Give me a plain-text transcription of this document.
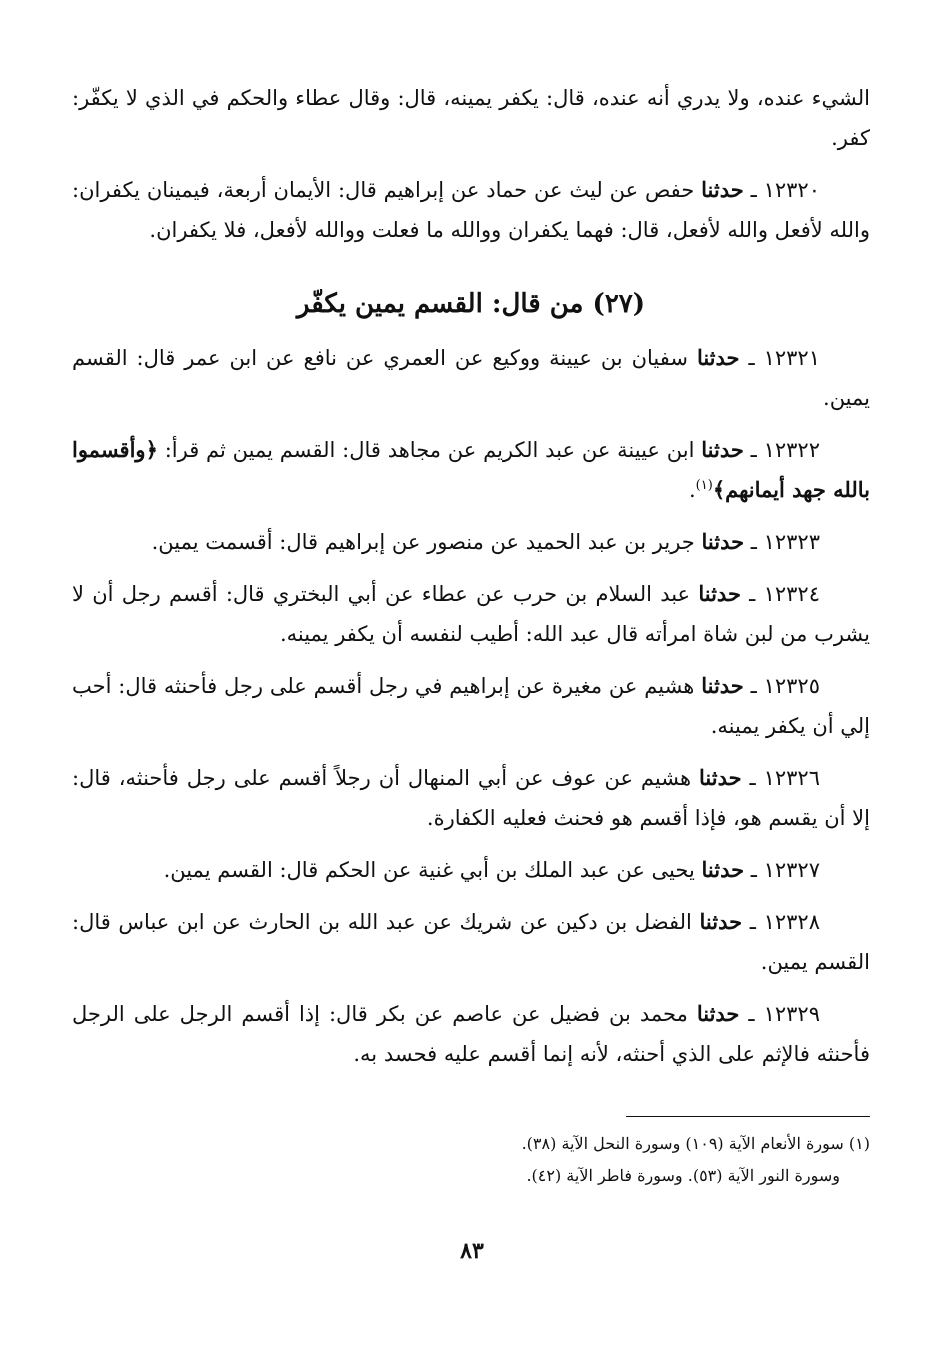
الشيء عنده، ولا يدري أنه عنده، قال: يكفر يمينه، قال: وقال عطاء والحكم في الذي لا يكفّر: كفر.

١٢٣٢٠ ـ حدثنا حفص عن ليث عن حماد عن إبراهيم قال: الأيمان أربعة، فيمينان يكفران: والله لأفعل والله لأفعل، قال: فهما يكفران ووالله ما فعلت ووالله لأفعل، فلا يكفران.

(٢٧) من قال: القسم يمين يكفّر

١٢٣٢١ ـ حدثنا سفيان بن عيينة ووكيع عن العمري عن نافع عن ابن عمر قال: القسم يمين.

١٢٣٢٢ ـ حدثنا ابن عيينة عن عبد الكريم عن مجاهد قال: القسم يمين ثم قرأ: ﴿وأقسموا بالله جهد أيمانهم﴾$^{(١)}$.

١٢٣٢٣ ـ حدثنا جرير بن عبد الحميد عن منصور عن إبراهيم قال: أقسمت يمين.

١٢٣٢٤ ـ حدثنا عبد السلام بن حرب عن عطاء عن أبي البختري قال: أقسم رجل أن لا يشرب من لبن شاة امرأته قال عبد الله: أطيب لنفسه أن يكفر يمينه.

١٢٣٢٥ ـ حدثنا هشيم عن مغيرة عن إبراهيم في رجل أقسم على رجل فأحنثه قال: أحب إلي أن يكفر يمينه.

١٢٣٢٦ ـ حدثنا هشيم عن عوف عن أبي المنهال أن رجلاً أقسم على رجل فأحنثه، قال: إلا أن يقسم هو، فإذا أقسم هو فحنث فعليه الكفارة.

١٢٣٢٧ ـ حدثنا يحيى عن عبد الملك بن أبي غنية عن الحكم قال: القسم يمين.

١٢٣٢٨ ـ حدثنا الفضل بن دكين عن شريك عن عبد الله بن الحارث عن ابن عباس قال: القسم يمين.

١٢٣٢٩ ـ حدثنا محمد بن فضيل عن عاصم عن بكر قال: إذا أقسم الرجل على الرجل فأحنثه فالإثم على الذي أحنثه، لأنه إنما أقسم عليه فحسد به.

(١) سورة الأنعام الآية (١٠٩) وسورة النحل الآية (٣٨).
وسورة النور الآية (٥٣). وسورة فاطر الآية (٤٢).
٨٣
